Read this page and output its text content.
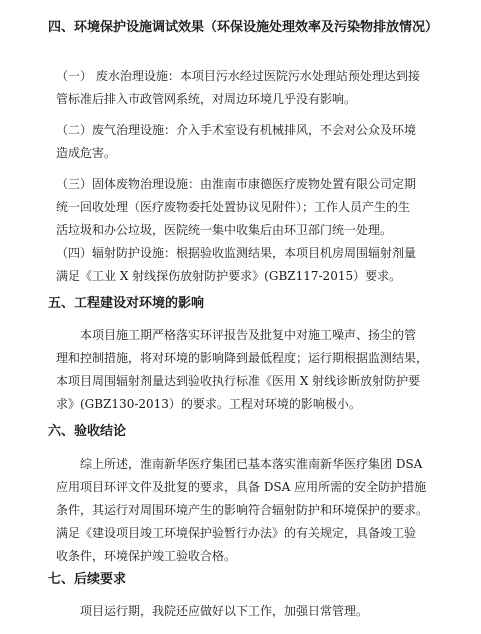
四、环境保护设施调试效果（环保设施处理效率及污染物排放情况）
（一） 废水治理设施：本项目污水经过医院污水处理站预处理达到接
管标准后排入市政管网系统，对周边环境几乎没有影响。
（二）废气治理设施：介入手术室设有机械排风，不会对公众及环境
造成危害。
（三）固体废物治理设施：由淮南市康德医疗废物处置有限公司定期
统一回收处理（医疗废物委托处置协议见附件）；工作人员产生的生
活垃圾和办公垃圾，医院统一集中收集后由环卫部门统一处理。
（四）辐射防护设施：根据验收监测结果，本项目机房周围辐射剂量
满足《工业 X 射线探伤放射防护要求》(GBZ117-2015）要求。
五、工程建设对环境的影响
本项目施工期严格落实环评报告及批复中对施工噪声、扬尘的管
理和控制措施，将对环境的影响降到最低程度；运行期根据监测结果，
本项目周围辐射剂量达到验收执行标准《医用 X 射线诊断放射防护要
求》(GBZ130-2013）的要求。工程对环境的影响极小。
六、验收结论
综上所述，淮南新华医疗集团已基本落实淮南新华医疗集团 DSA
应用项目环评文件及批复的要求，具备 DSA 应用所需的安全防护措施
条件，其运行对周围环境产生的影响符合辐射防护和环境保护的要求。
满足《建设项目竣工环境保护验暂行办法》的有关规定，具备竣工验
收条件，环境保护竣工验收合格。
七、后续要求
项目运行期，我院还应做好以下工作，加强日常管理。
